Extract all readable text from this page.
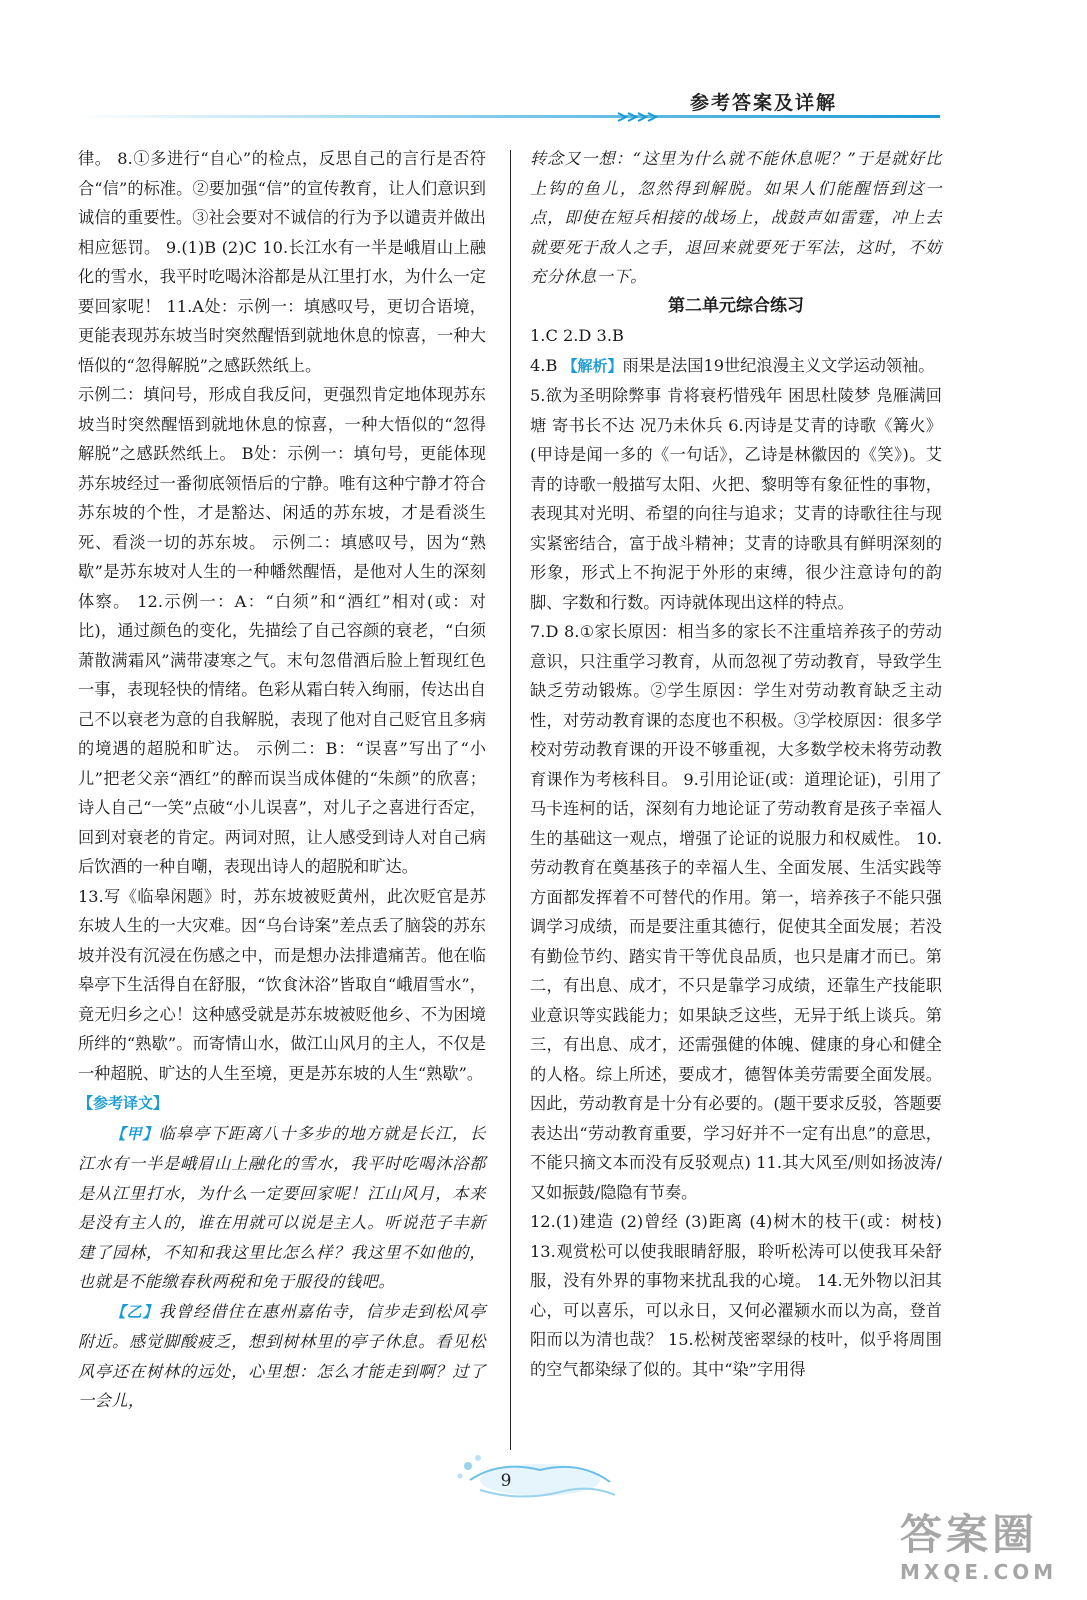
参考答案及详解

律。 8.①多进行“自心”的检点，反思自己的言行是否符合“信”的标准。②要加强“信”的宣传教育，让人们意识到诚信的重要性。③社会要对不诚信的行为予以谴责并做出相应惩罚。 9.(1)B (2)C 10.长江水有一半是峨眉山上融化的雪水，我平时吃喝沐浴都是从江里打水，为什么一定要回家呢！ 11.A处：示例一：填感叹号，更切合语境，更能表现苏东坡当时突然醒悟到就地休息的惊喜，一种大悟似的“忽得解脱”之感跃然纸上。

示例二：填问号，形成自我反问，更强烈肯定地体现苏东坡当时突然醒悟到就地休息的惊喜，一种大悟似的“忽得解脱”之感跃然纸上。 B处：示例一：填句号，更能体现苏东坡经过一番彻底领悟后的宁静。唯有这种宁静才符合苏东坡的个性，才是豁达、闲适的苏东坡，才是看淡生死、看淡一切的苏东坡。 示例二：填感叹号，因为“熟歇”是苏东坡对人生的一种幡然醒悟，是他对人生的深刻体察。 12.示例一：A：“白须”和“酒红”相对(或：对比)，通过颜色的变化，先描绘了自己容颜的衰老，“白须萧散满霜风”满带凄寒之气。末句忽借酒后脸上暂现红色一事，表现轻快的情绪。色彩从霜白转入绚丽，传达出自己不以衰老为意的自我解脱，表现了他对自己贬官且多病的境遇的超脱和旷达。 示例二：B：“误喜”写出了“小儿”把老父亲“酒红”的醉而误当成体健的“朱颜”的欣喜；诗人自己“一笑”点破“小儿误喜”，对儿子之喜进行否定，回到对衰老的肯定。两词对照，让人感受到诗人对自己病后饮酒的一种自嘲，表现出诗人的超脱和旷达。

13.写《临皋闲题》时，苏东坡被贬黄州，此次贬官是苏东坡人生的一大灾难。因“乌台诗案”差点丢了脑袋的苏东坡并没有沉浸在伤感之中，而是想办法排遣痛苦。他在临皋亭下生活得自在舒服，“饮食沐浴”皆取自“峨眉雪水”，竟无归乡之心！这种感受就是苏东坡被贬他乡、不为困境所绊的“熟歇”。而寄情山水，做江山风月的主人，不仅是一种超脱、旷达的人生至境，更是苏东坡的人生“熟歇”。

【参考译文】

【甲】临皋亭下距离八十多步的地方就是长江，长江水有一半是峨眉山上融化的雪水，我平时吃喝沐浴都是从江里打水，为什么一定要回家呢！江山风月，本来是没有主人的，谁在用就可以说是主人。听说范子丰新建了园林，不知和我这里比怎么样？我这里不如他的，也就是不能缴春秋两税和免于服役的钱吧。

【乙】我曾经借住在惠州嘉佑寺，信步走到松风亭附近。感觉脚酸疲乏，想到树林里的亭子休息。看见松风亭还在树林的远处，心里想：怎么才能走到啊？过了一会儿，

转念又一想：“这里为什么就不能休息呢？”于是就好比上钩的鱼儿，忽然得到解脱。如果人们能醒悟到这一点，即使在短兵相接的战场上，战鼓声如雷霆，冲上去就要死于敌人之手，退回来就要死于军法，这时，不妨充分休息一下。

第二单元综合练习

1.C 2.D 3.B

4.B 【解析】雨果是法国19世纪浪漫主义文学运动领袖。

5.欲为圣明除弊事 肯将衰朽惜残年 困思杜陵梦 凫雁满回塘 寄书长不达 况乃未休兵 6.丙诗是艾青的诗歌《篝火》(甲诗是闻一多的《一句话》，乙诗是林徽因的《笑》)。艾青的诗歌一般描写太阳、火把、黎明等有象征性的事物，表现其对光明、希望的向往与追求；艾青的诗歌往往与现实紧密结合，富于战斗精神；艾青的诗歌具有鲜明深刻的形象，形式上不拘泥于外形的束缚，很少注意诗句的韵脚、字数和行数。丙诗就体现出这样的特点。

7.D 8.①家长原因：相当多的家长不注重培养孩子的劳动意识，只注重学习教育，从而忽视了劳动教育，导致学生缺乏劳动锻炼。②学生原因：学生对劳动教育缺乏主动性，对劳动教育课的态度也不积极。③学校原因：很多学校对劳动教育课的开设不够重视，大多数学校未将劳动教育课作为考核科目。 9.引用论证(或：道理论证)，引用了马卡连柯的话，深刻有力地论证了劳动教育是孩子幸福人生的基础这一观点，增强了论证的说服力和权威性。 10.劳动教育在奠基孩子的幸福人生、全面发展、生活实践等方面都发挥着不可替代的作用。第一，培养孩子不能只强调学习成绩，而是要注重其德行，促使其全面发展；若没有勤俭节约、踏实肯干等优良品质，也只是庸才而已。第二，有出息、成才，不只是靠学习成绩，还靠生产技能职业意识等实践能力；如果缺乏这些，无异于纸上谈兵。第三，有出息、成才，还需强健的体魄、健康的身心和健全的人格。综上所述，要成才，德智体美劳需要全面发展。因此，劳动教育是十分有必要的。(题干要求反驳，答题要表达出“劳动教育重要，学习好并不一定有出息”的意思，不能只摘文本而没有反驳观点) 11.其大风至/则如扬波涛/又如振鼓/隐隐有节奏。

12.(1)建造 (2)曾经 (3)距离 (4)树木的枝干(或：树枝) 13.观赏松可以使我眼睛舒服，聆听松涛可以使我耳朵舒服，没有外界的事物来扰乱我的心境。 14.无外物以汩其心，可以喜乐，可以永日，又何必濯颍水而以为高，登首阳而以为清也哉？ 15.松树茂密翠绿的枝叶，似乎将周围的空气都染绿了似的。其中“染”字用得

9
答案圈
MXQE.COM
